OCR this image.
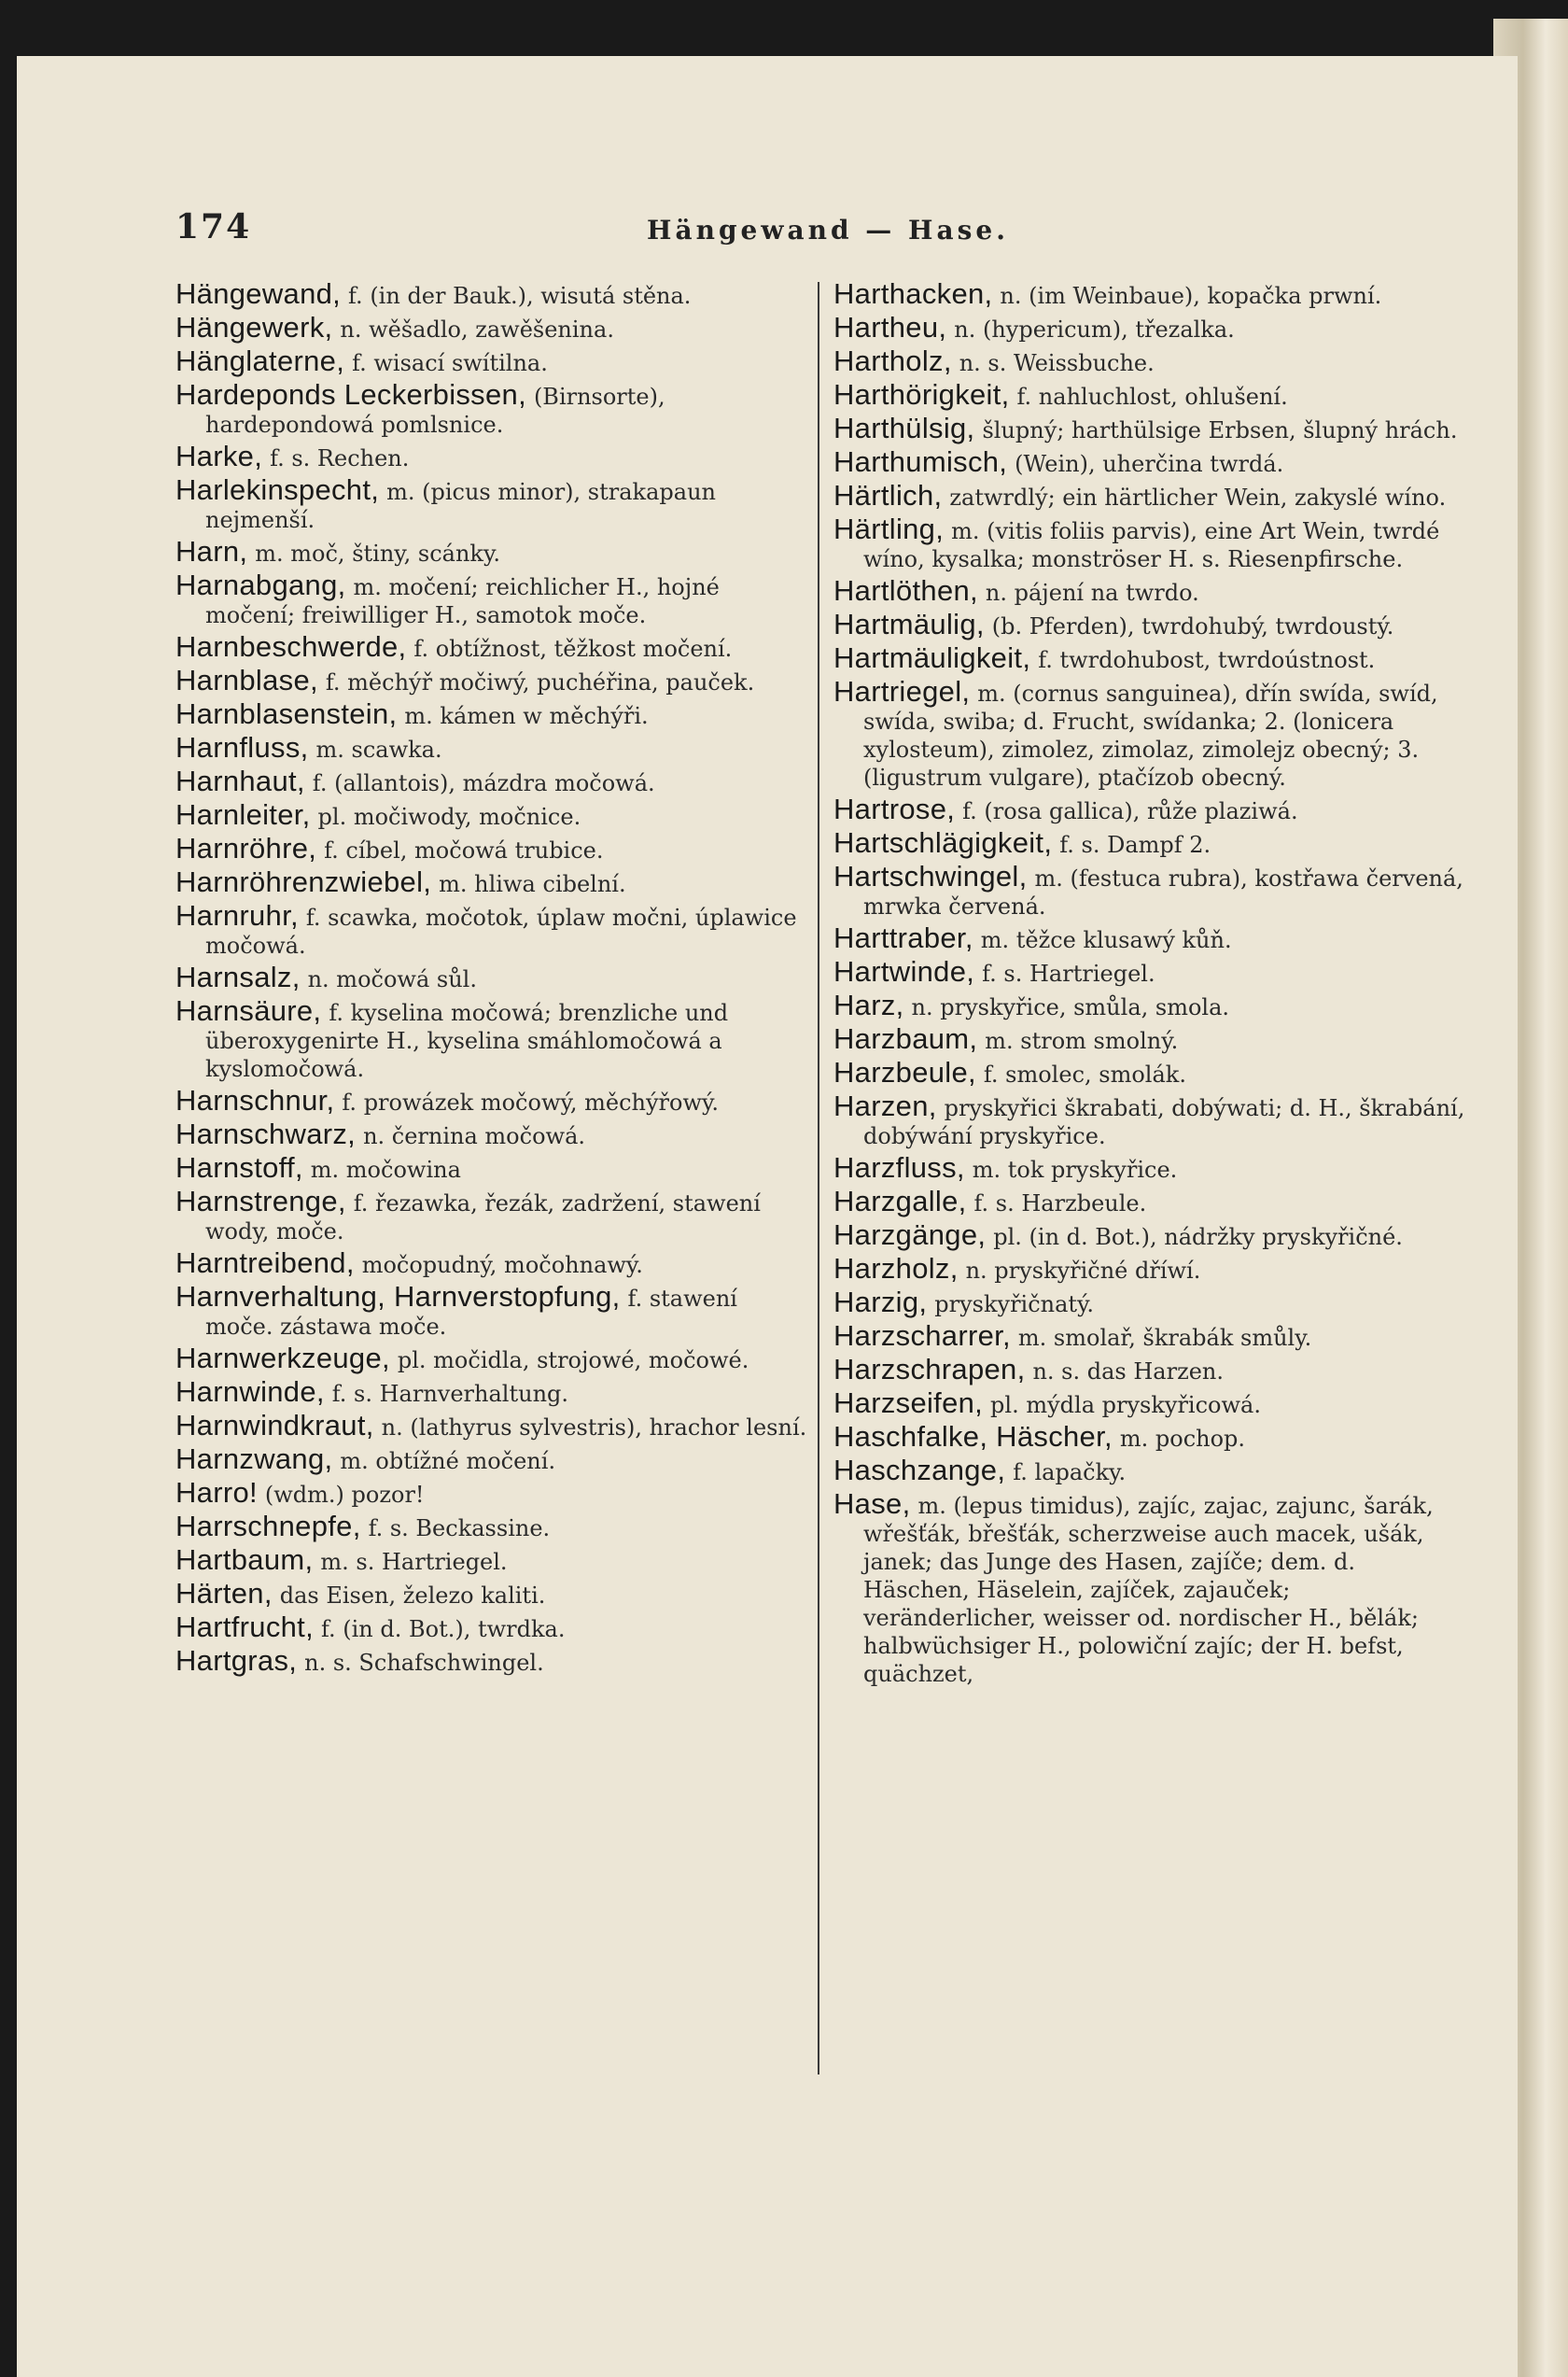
174	Hängewand — Hase.
Hängewand, f. (in der Bauk.), wisutá stěna.
Hängewerk, n. wěšadlo, zawěšenina.
Hänglaterne, f. wisací swítilna.
Hardeponds Leckerbissen, (Birnsorte), hardepondowá pomlsnice.
Harke, f. s. Rechen.
Harlekinspecht, m. (picus minor), strakapaun nejmenší.
Harn, m. moč, štiny, scánky.
Harnabgang, m. močení; reichlicher H., hojné močení; freiwilliger H., samotok moče.
Harnbeschwerde, f. obtížnost, těžkost močení.
Harnblase, f. měchýř močiwý, puchéřina, pauček.
Harnblasenstein, m. kámen w měchýři.
Harnfluss, m. scawka.
Harnhaut, f. (allantois), mázdra močowá.
Harnleiter, pl. močiwody, močnice.
Harnröhre, f. cíbel, močowá trubice.
Harnröhrenzwiebel, m. hliwa cibelní.
Harnruhr, f. scawka, močotok, úplaw močni, úplawice močowá.
Harnsalz, n. močowá sůl.
Harnsäure, f. kyselina močowá; brenzliche und überoxygenirte H., kyselina smáhlomočowá a kyslomočowá.
Harnschnur, f. prowázek močowý, měchýřowý.
Harnschwarz, n. černina močowá.
Harnstoff, m. močowina
Harnstrenge, f. řezawka, řezák, zadržení, stawení wody, moče.
Harntreibend, močopudný, močohnawý.
Harnverhaltung, Harnverstopfung, f. stawení moče. zástawa moče.
Harnwerkzeuge, pl. močidla, strojowé, močowé.
Harnwinde, f. s. Harnverhaltung.
Harnwindkraut, n. (lathyrus sylvestris), hrachor lesní.
Harnzwang, m. obtížné močení.
Harro! (wdm.) pozor!
Harrschnepfe, f. s. Beckassine.
Hartbaum, m. s. Hartriegel.
Härten, das Eisen, železo kaliti.
Hartfrucht, f. (in d. Bot.), twrdka.
Hartgras, n. s. Schafschwingel.
Harthacken, n. (im Weinbaue), kopačka prwní.
Hartheu, n. (hypericum), třezalka.
Hartholz, n. s. Weissbuche.
Harthörigkeit, f. nahluchlost, ohlušení.
Harthülsig, šlupný; harthülsige Erbsen, šlupný hrách.
Harthumisch, (Wein), uherčina twrdá.
Härtlich, zatwrdlý; ein härtlicher Wein, zakyslé wíno.
Härtling, m. (vitis foliis parvis), eine Art Wein, twrdé wíno, kysalka; monströser H. s. Riesenpfirsche.
Hartlöthen, n. pájení na twrdo.
Hartmäulig, (b. Pferden), twrdohubý, twrdoustý.
Hartmäuligkeit, f. twrdohubost, twrdoústnost.
Hartriegel, m. (cornus sanguinea), dřín swída, swíd, swída, swiba; d. Frucht, swídanka; 2. (lonicera xylosteum), zimolez, zimolaz, zimolejz obecný; 3. (ligustrum vulgare), ptačízob obecný.
Hartrose, f. (rosa gallica), růže plaziwá.
Hartschlägigkeit, f. s. Dampf 2.
Hartschwingel, m. (festuca rubra), kostřawa červená, mrwka červená.
Harttraber, m. těžce klusawý kůň.
Hartwinde, f. s. Hartriegel.
Harz, n. pryskyřice, smůla, smola.
Harzbaum, m. strom smolný.
Harzbeule, f. smolec, smolák.
Harzen, pryskyřici škrabati, dobýwati; d. H., škrabání, dobýwání pryskyřice.
Harzfluss, m. tok pryskyřice.
Harzgalle, f. s. Harzbeule.
Harzgänge, pl. (in d. Bot.), nádržky pryskyřičné.
Harzholz, n. pryskyřičné dříwí.
Harzig, pryskyřičnatý.
Harzscharrer, m. smolař, škrabák smůly.
Harzschrapen, n. s. das Harzen.
Harzseifen, pl. mýdla pryskyřicowá.
Haschfalke, Häscher, m. pochop.
Haschzange, f. lapačky.
Hase, m. (lepus timidus), zajíc, zajac, zajunc, šarák, wřešťák, břešťák, scherzweise auch macek, ušák, janek; das Junge des Hasen, zajíče; dem. d. Häschen, Häselein, zajíček, zajauček; veränderlicher, weisser od. nordischer H., bělák; halbwüchsiger H., polowiční zajíc; der H. befst, quächzet,
